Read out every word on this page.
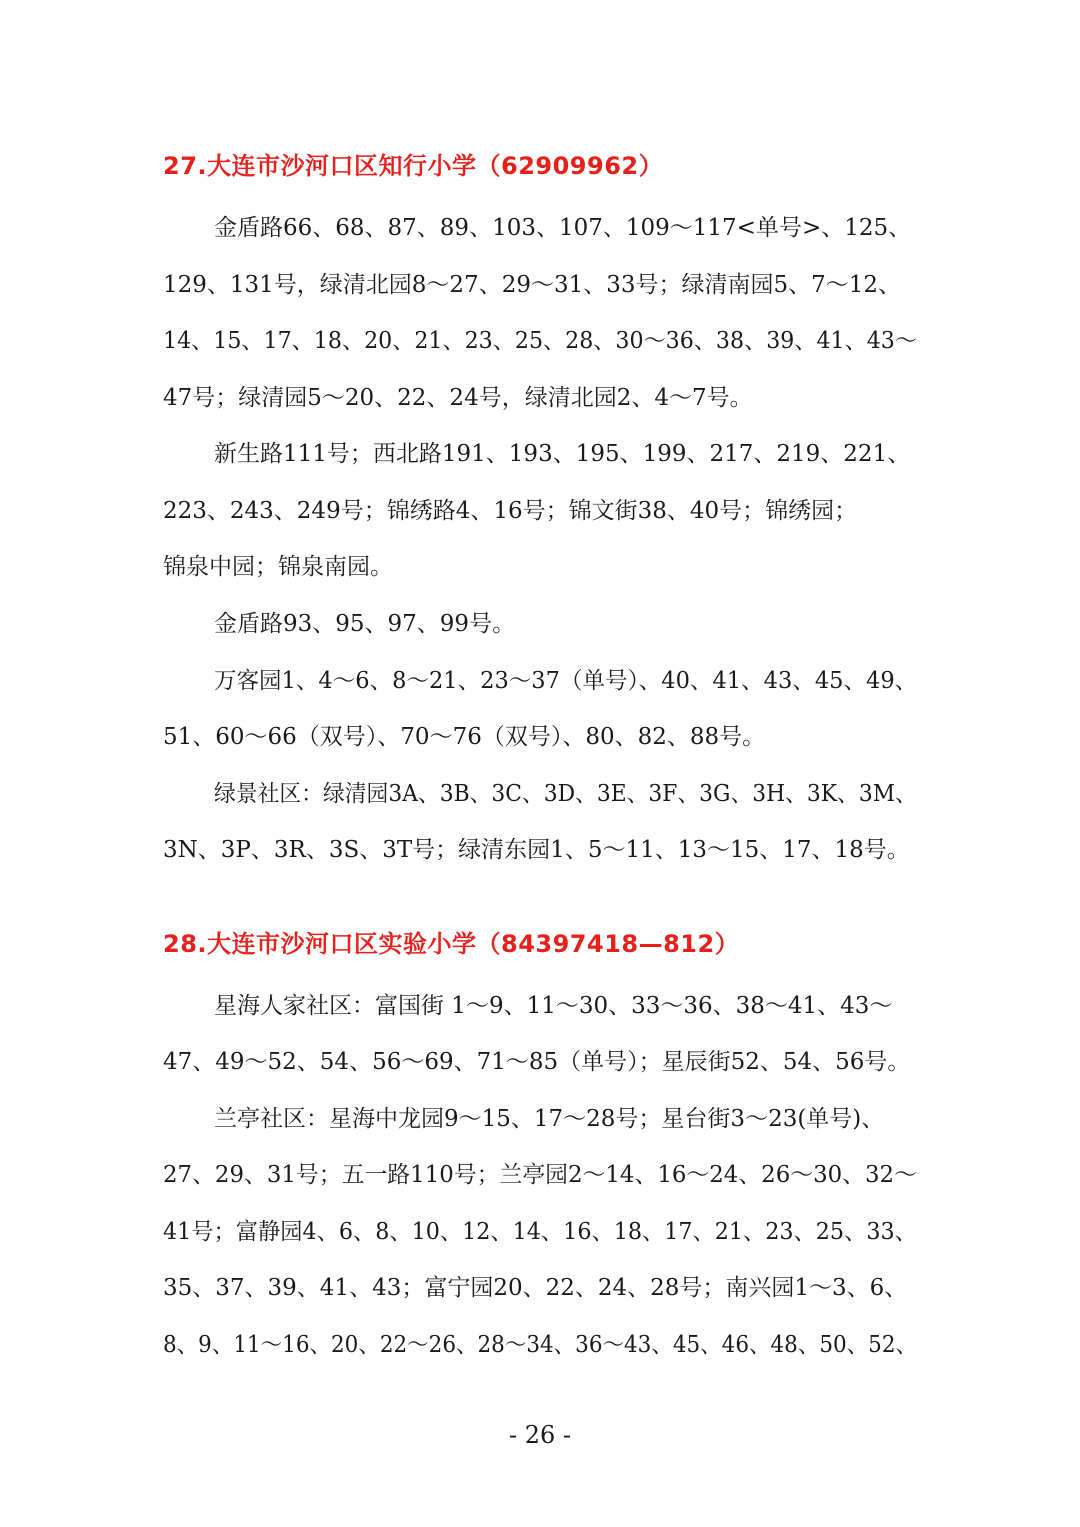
27.大连市沙河口区知行小学（62909962）
金盾路66、68、87、89、103、107、109～117<单号>、125、
129、131号，绿清北园8～27、29～31、33号；绿清南园5、7～12、
14、15、17、18、20、21、23、25、28、30～36、38、39、41、43～
47号；绿清园5～20、22、24号，绿清北园2、4～7号。
新生路111号；西北路191、193、195、199、217、219、221、
223、243、249号；锦绣路4、16号；锦文街38、40号；锦绣园；
锦泉中园；锦泉南园。
金盾路93、95、97、99号。
万客园1、4～6、8～21、23～37（单号）、40、41、43、45、49、
51、60～66（双号）、70～76（双号）、80、82、88号。
绿景社区：绿清园3A、3B、3C、3D、3E、3F、3G、3H、3K、3M、
3N、3P、3R、3S、3T号；绿清东园1、5～11、13～15、17、18号。
28.大连市沙河口区实验小学（84397418—812）
星海人家社区：富国街 1～9、11～30、33～36、38～41、43～
47、49～52、54、56～69、71～85（单号）；星辰街52、54、56号。
兰亭社区：星海中龙园9～15、17～28号；星台街3～23(单号)、
27、29、31号；五一路110号；兰亭园2～14、16～24、26～30、32～
41号；富静园4、6、8、10、12、14、16、18、17、21、23、25、33、
35、37、39、41、43；富宁园20、22、24、28号；南兴园1～3、6、
8、9、11～16、20、22～26、28～34、36～43、45、46、48、50、52、
- 26 -
